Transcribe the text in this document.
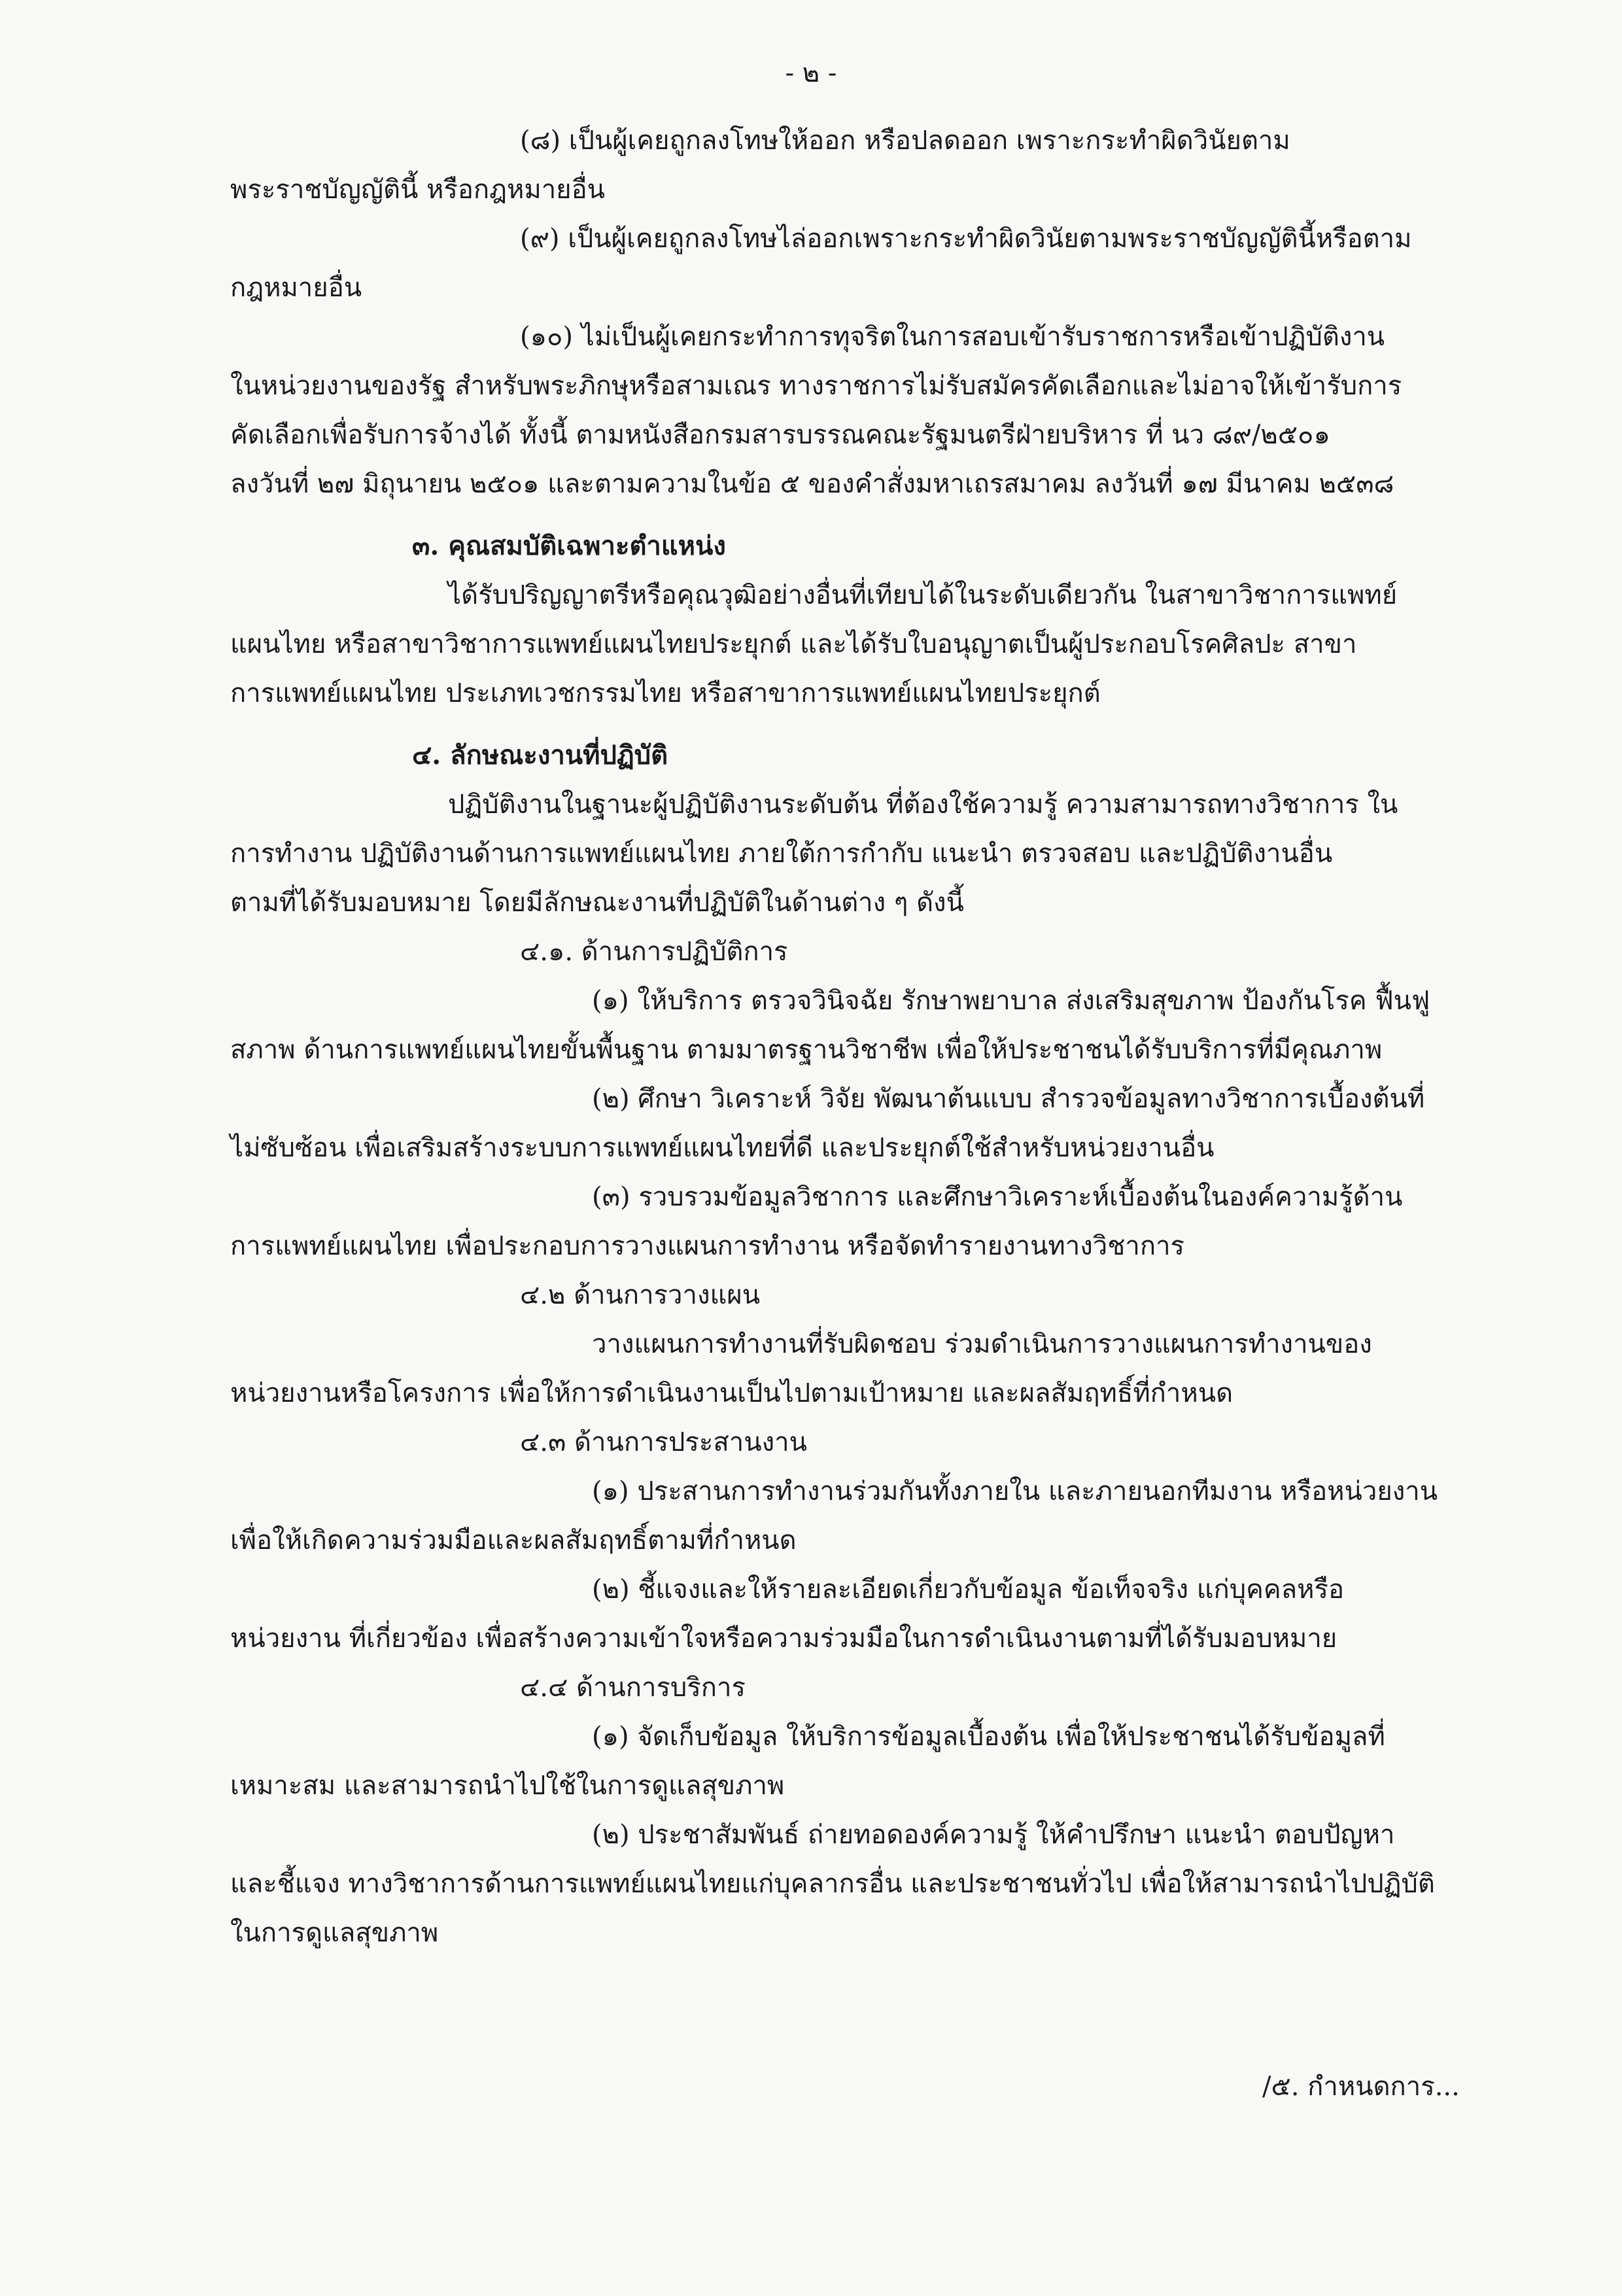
- ๒ -

(๘) เป็นผู้เคยถูกลงโทษให้ออก หรือปลดออก เพราะกระทำผิดวินัยตาม

พระราชบัญญัตินี้ หรือกฎหมายอื่น

(๙) เป็นผู้เคยถูกลงโทษไล่ออกเพราะกระทำผิดวินัยตามพระราชบัญญัตินี้หรือตาม

กฎหมายอื่น

(๑๐) ไม่เป็นผู้เคยกระทำการทุจริตในการสอบเข้ารับราชการหรือเข้าปฏิบัติงาน

ในหน่วยงานของรัฐ สำหรับพระภิกษุหรือสามเณร ทางราชการไม่รับสมัครคัดเลือกและไม่อาจให้เข้ารับการ

คัดเลือกเพื่อรับการจ้างได้ ทั้งนี้ ตามหนังสือกรมสารบรรณคณะรัฐมนตรีฝ่ายบริหาร ที่ นว ๘๙/๒๕๐๑

ลงวันที่ ๒๗ มิถุนายน ๒๕๐๑ และตามความในข้อ ๕ ของคำสั่งมหาเถรสมาคม ลงวันที่ ๑๗ มีนาคม ๒๕๓๘

๓. คุณสมบัติเฉพาะตำแหน่ง

ได้รับปริญญาตรีหรือคุณวุฒิอย่างอื่นที่เทียบได้ในระดับเดียวกัน ในสาขาวิชาการแพทย์

แผนไทย หรือสาขาวิชาการแพทย์แผนไทยประยุกต์ และได้รับใบอนุญาตเป็นผู้ประกอบโรคศิลปะ สาขา

การแพทย์แผนไทย ประเภทเวชกรรมไทย หรือสาขาการแพทย์แผนไทยประยุกต์

๔. ลักษณะงานที่ปฏิบัติ

ปฏิบัติงานในฐานะผู้ปฏิบัติงานระดับต้น ที่ต้องใช้ความรู้ ความสามารถทางวิชาการ ใน

การทำงาน ปฏิบัติงานด้านการแพทย์แผนไทย ภายใต้การกำกับ แนะนำ ตรวจสอบ และปฏิบัติงานอื่น

ตามที่ได้รับมอบหมาย โดยมีลักษณะงานที่ปฏิบัติในด้านต่าง ๆ ดังนี้

๔.๑. ด้านการปฏิบัติการ

(๑) ให้บริการ ตรวจวินิจฉัย รักษาพยาบาล ส่งเสริมสุขภาพ ป้องกันโรค ฟื้นฟู

สภาพ ด้านการแพทย์แผนไทยขั้นพื้นฐาน ตามมาตรฐานวิชาชีพ เพื่อให้ประชาชนได้รับบริการที่มีคุณภาพ

(๒) ศึกษา วิเคราะห์ วิจัย พัฒนาต้นแบบ สำรวจข้อมูลทางวิชาการเบื้องต้นที่

ไม่ซับซ้อน เพื่อเสริมสร้างระบบการแพทย์แผนไทยที่ดี และประยุกต์ใช้สำหรับหน่วยงานอื่น

(๓) รวบรวมข้อมูลวิชาการ และศึกษาวิเคราะห์เบื้องต้นในองค์ความรู้ด้าน

การแพทย์แผนไทย เพื่อประกอบการวางแผนการทำงาน หรือจัดทำรายงานทางวิชาการ

๔.๒ ด้านการวางแผน

วางแผนการทำงานที่รับผิดชอบ ร่วมดำเนินการวางแผนการทำงานของ

หน่วยงานหรือโครงการ เพื่อให้การดำเนินงานเป็นไปตามเป้าหมาย และผลสัมฤทธิ์ที่กำหนด

๔.๓ ด้านการประสานงาน

(๑) ประสานการทำงานร่วมกันทั้งภายใน และภายนอกทีมงาน หรือหน่วยงาน

เพื่อให้เกิดความร่วมมือและผลสัมฤทธิ์ตามที่กำหนด

(๒) ชี้แจงและให้รายละเอียดเกี่ยวกับข้อมูล ข้อเท็จจริง แก่บุคคลหรือ

หน่วยงาน ที่เกี่ยวข้อง เพื่อสร้างความเข้าใจหรือความร่วมมือในการดำเนินงานตามที่ได้รับมอบหมาย

๔.๔ ด้านการบริการ

(๑) จัดเก็บข้อมูล ให้บริการข้อมูลเบื้องต้น เพื่อให้ประชาชนได้รับข้อมูลที่

เหมาะสม และสามารถนำไปใช้ในการดูแลสุขภาพ

(๒) ประชาสัมพันธ์ ถ่ายทอดองค์ความรู้ ให้คำปรึกษา แนะนำ ตอบปัญหา

และชี้แจง ทางวิชาการด้านการแพทย์แผนไทยแก่บุคลากรอื่น และประชาชนทั่วไป เพื่อให้สามารถนำไปปฏิบัติ

ในการดูแลสุขภาพ

/๕. กำหนดการ...
